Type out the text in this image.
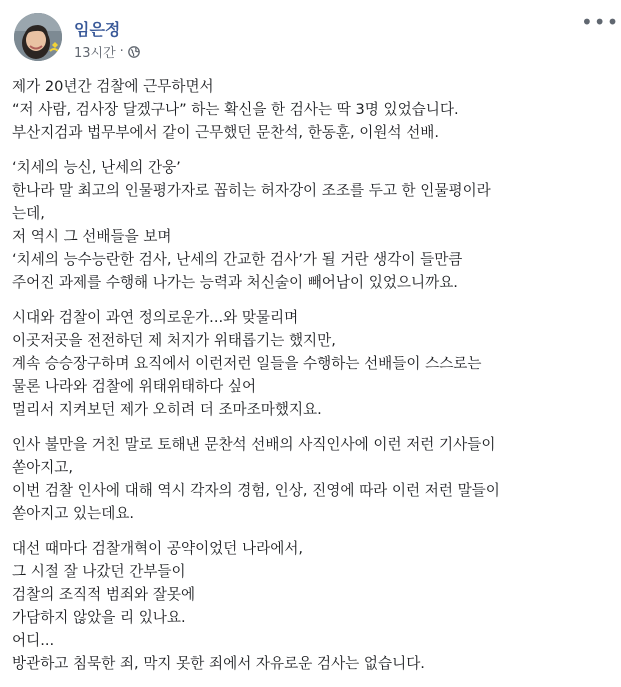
임은정
13시간 ·
•••
제가 20년간 검찰에 근무하면서
“저 사람, 검사장 달겠구나” 하는 확신을 한 검사는 딱 3명 있었습니다.
부산지검과 법무부에서 같이 근무했던 문찬석, 한동훈, 이원석 선배.
‘치세의 능신, 난세의 간웅’
한나라 말 최고의 인물평가자로 꼽히는 허자강이 조조를 두고 한 인물평이라
는데,
저 역시 그 선배들을 보며
‘치세의 능수능란한 검사, 난세의 간교한 검사’가 될 거란 생각이 들만큼
주어진 과제를 수행해 나가는 능력과 처신술이 빼어남이 있었으니까요.
시대와 검찰이 과연 정의로운가...와 맞물리며
이곳저곳을 전전하던 제 처지가 위태롭기는 했지만,
계속 승승장구하며 요직에서 이런저런 일들을 수행하는 선배들이 스스로는
물론 나라와 검찰에 위태위태하다 싶어
멀리서 지켜보던 제가 오히려 더 조마조마했지요.
인사 불만을 거친 말로 토해낸 문찬석 선배의 사직인사에 이런 저런 기사들이
쏟아지고,
이번 검찰 인사에 대해 역시 각자의 경험, 인상, 진영에 따라 이런 저런 말들이
쏟아지고 있는데요.
대선 때마다 검찰개혁이 공약이었던 나라에서,
그 시절 잘 나갔던 간부들이
검찰의 조직적 범죄와 잘못에
가담하지 않았을 리 있나요.
어디...
방관하고 침묵한 죄, 막지 못한 죄에서 자유로운 검사는 없습니다.
